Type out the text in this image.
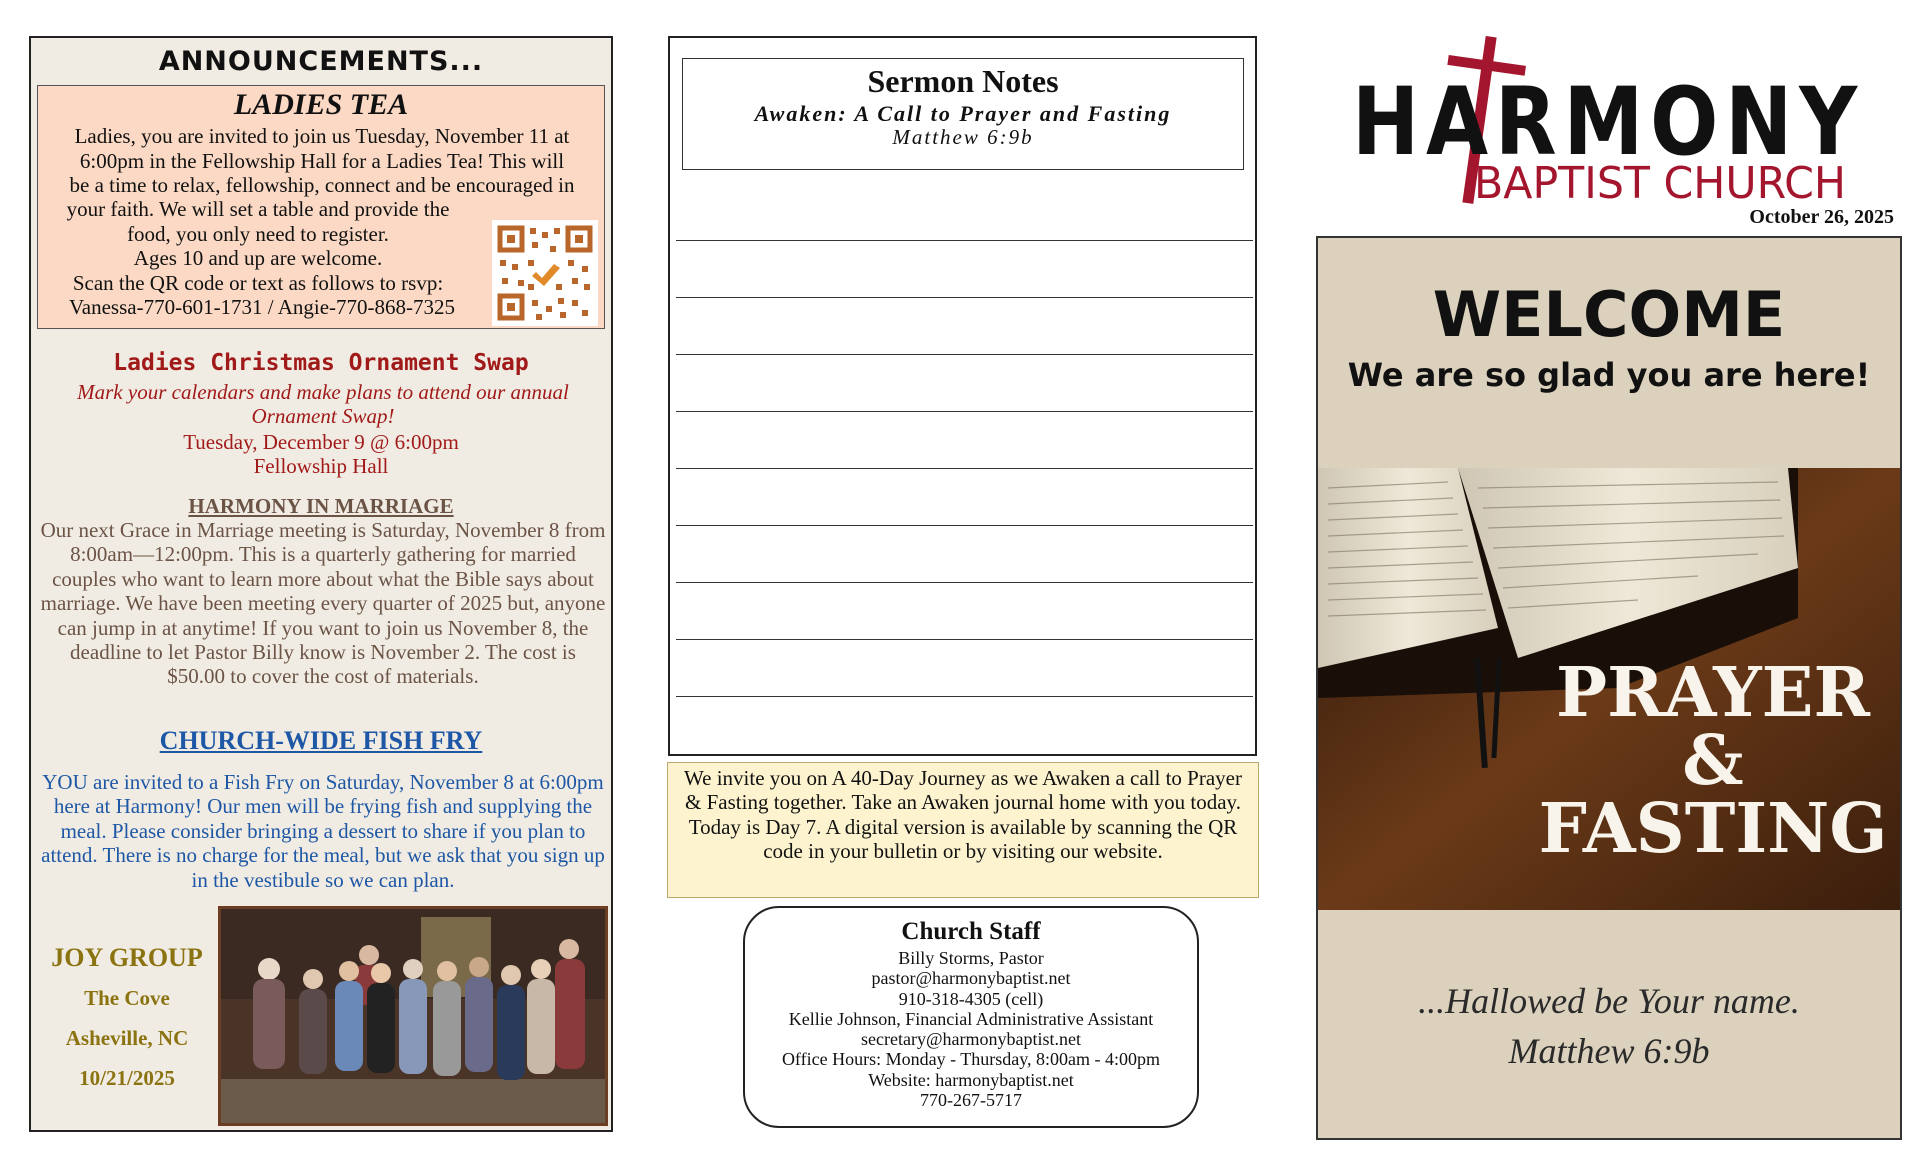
ANNOUNCEMENTS...
LADIES TEA
Ladies, you are invited to join us Tuesday, November 11 at
6:00pm in the Fellowship Hall for a Ladies Tea! This will
be a time to relax, fellowship, connect and be encouraged in
your faith. We will set a table and provide the
food, you only need to register.
Ages 10 and up are welcome.
Scan the QR code or text as follows to rsvp:
Vanessa-770-601-1731 / Angie-770-868-7325
Ladies Christmas Ornament Swap
Mark your calendars and make plans to attend our annual Ornament Swap!
Tuesday, December 9 @ 6:00pm
Fellowship Hall
HARMONY IN MARRIAGE
Our next Grace in Marriage meeting is Saturday, November 8 from 8:00am—12:00pm. This is a quarterly gathering for married couples who want to learn more about what the Bible says about marriage. We have been meeting every quarter of 2025 but, anyone can jump in at anytime! If you want to join us November 8, the deadline to let Pastor Billy know is November 2. The cost is $50.00 to cover the cost of materials.
CHURCH-WIDE FISH FRY
YOU are invited to a Fish Fry on Saturday, November 8 at 6:00pm here at Harmony! Our men will be frying fish and supplying the meal. Please consider bringing a dessert to share if you plan to attend. There is no charge for the meal, but we ask that you sign up in the vestibule so we can plan.
JOY GROUP
The Cove
Asheville, NC
10/21/2025
Sermon Notes
Awaken: A Call to Prayer and Fasting
Matthew 6:9b
We invite you on A 40-Day Journey as we Awaken a call to Prayer & Fasting together. Take an Awaken journal home with you today. Today is Day 7. A digital version is available by scanning the QR code in your bulletin or by visiting our website.
Church Staff
Billy Storms, Pastor
pastor@harmonybaptist.net
910-318-4305 (cell)
Kellie Johnson, Financial Administrative Assistant
secretary@harmonybaptist.net
Office Hours: Monday - Thursday, 8:00am - 4:00pm
Website: harmonybaptist.net
770-267-5717
HARMONY
BAPTIST CHURCH
October 26, 2025
WELCOME
We are so glad you are here!
PRAYER
&
FASTING
...Hallowed be Your name.
Matthew 6:9b
